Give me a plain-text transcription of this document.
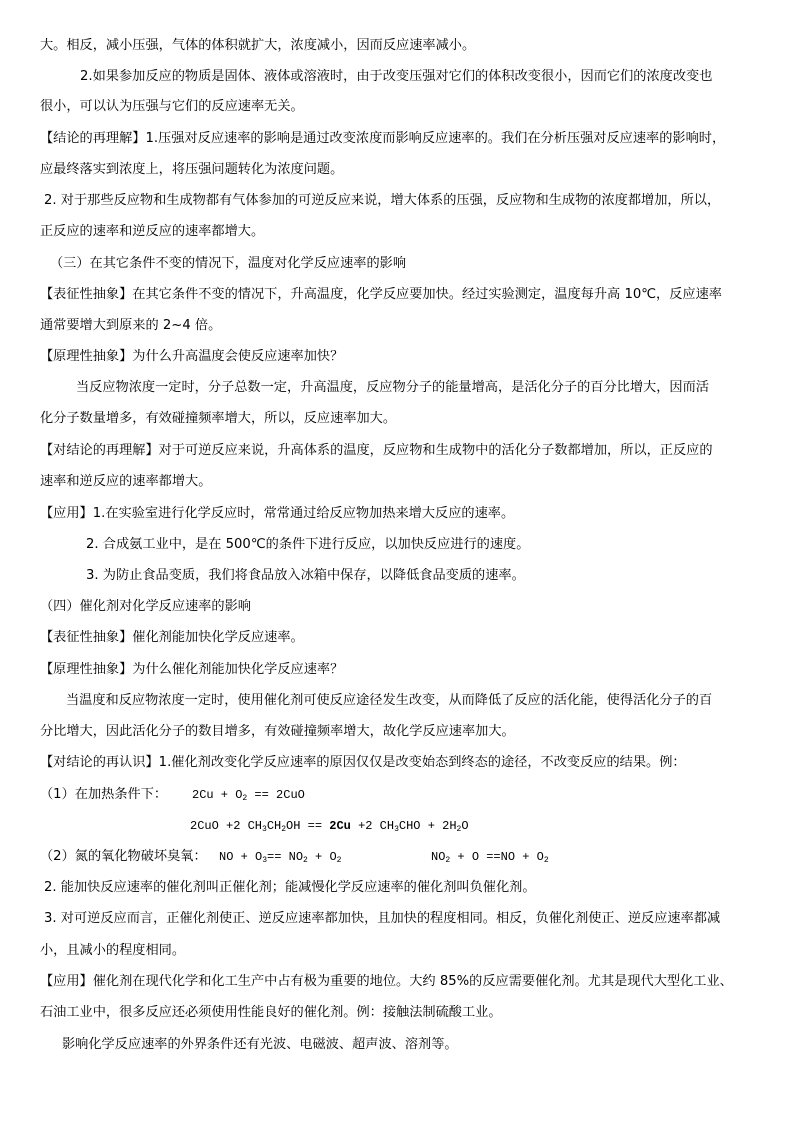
大。相反，减小压强，气体的体积就扩大，浓度减小，因而反应速率减小。
2.如果参加反应的物质是固体、液体或溶液时，由于改变压强对它们的体积改变很小，因而它们的浓度改变也
很小，可以认为压强与它们的反应速率无关。
【结论的再理解】1.压强对反应速率的影响是通过改变浓度而影响反应速率的。我们在分析压强对反应速率的影响时，
应最终落实到浓度上，将压强问题转化为浓度问题。
2. 对于那些反应物和生成物都有气体参加的可逆反应来说，增大体系的压强，反应物和生成物的浓度都增加，所以，
正反应的速率和逆反应的速率都增大。
（三）在其它条件不变的情况下，温度对化学反应速率的影响
【表征性抽象】在其它条件不变的情况下，升高温度，化学反应要加快。经过实验测定，温度每升高 10℃，反应速率
通常要增大到原来的 2~4 倍。
【原理性抽象】为什么升高温度会使反应速率加快？
当反应物浓度一定时，分子总数一定，升高温度，反应物分子的能量增高，是活化分子的百分比增大，因而活
化分子数量增多，有效碰撞频率增大，所以，反应速率加大。
【对结论的再理解】对于可逆反应来说，升高体系的温度，反应物和生成物中的活化分子数都增加，所以，正反应的
速率和逆反应的速率都增大。
【应用】1.在实验室进行化学反应时，常常通过给反应物加热来增大反应的速率。
2. 合成氨工业中，是在 500℃的条件下进行反应，以加快反应进行的速度。
3. 为防止食品变质，我们将食品放入冰箱中保存，以降低食品变质的速率。
（四）催化剂对化学反应速率的影响
【表征性抽象】催化剂能加快化学反应速率。
【原理性抽象】为什么催化剂能加快化学反应速率？
当温度和反应物浓度一定时，使用催化剂可使反应途径发生改变，从而降低了反应的活化能，使得活化分子的百
分比增大，因此活化分子的数目增多，有效碰撞频率增大，故化学反应速率加大。
【对结论的再认识】1.催化剂改变化学反应速率的原因仅仅是改变始态到终态的途径，不改变反应的结果。例：
（1）在加热条件下： $2Cu + O_2 == 2CuO$
2CuO +2 $CH_3CH_2OH == 2Cu +2$ $CH_3CHO + 2H_2O$
（2）氮的氧化物破坏臭氧： NO + $O_3== NO_2 + O_2$	$NO_2 + O ==NO + O_2$
2. 能加快反应速率的催化剂叫正催化剂；能减慢化学反应速率的催化剂叫负催化剂。
3. 对可逆反应而言，正催化剂使正、逆反应速率都加快，且加快的程度相同。相反，负催化剂使正、逆反应速率都减
小，且减小的程度相同。
【应用】催化剂在现代化学和化工生产中占有极为重要的地位。大约 85%的反应需要催化剂。尤其是现代大型化工业、
石油工业中，很多反应还必须使用性能良好的催化剂。例：接触法制硫酸工业。
影响化学反应速率的外界条件还有光波、电磁波、超声波、溶剂等。
